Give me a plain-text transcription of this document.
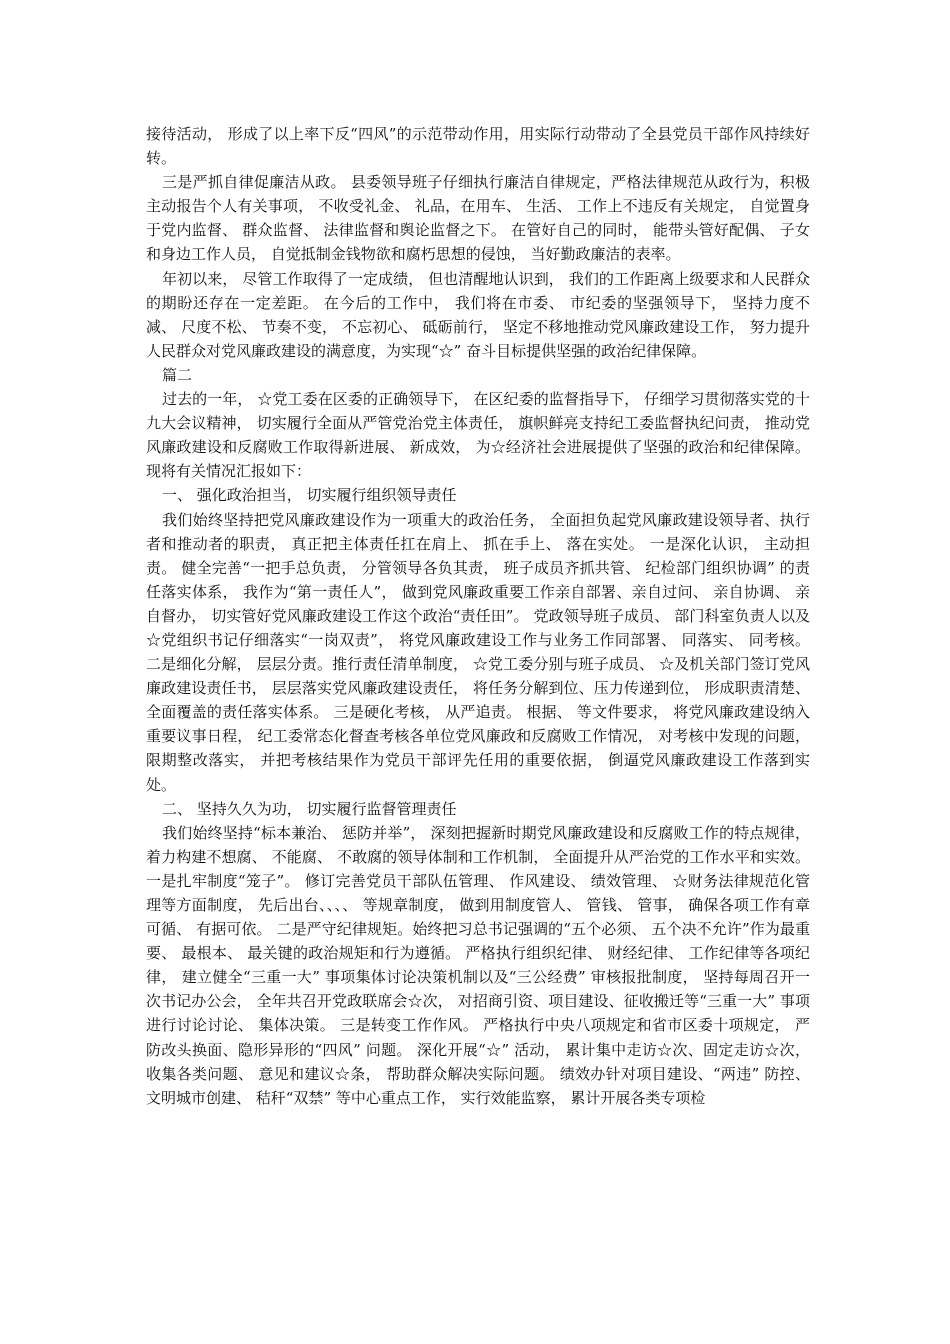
接待活动， 形成了以上率下反“四风”的示范带动作用，用实际行动带动了全县党员干部作风持续好转。

三是严抓自律促廉洁从政。 县委领导班子仔细执行廉洁自律规定，严格法律规范从政行为，积极主动报告个人有关事项， 不收受礼金、 礼品，在用车、 生活、 工作上不违反有关规定， 自觉置身于党内监督、 群众监督、 法律监督和舆论监督之下。 在管好自己的同时， 能带头管好配偶、 子女和身边工作人员， 自觉抵制金钱物欲和腐朽思想的侵蚀， 当好勤政廉洁的表率。

年初以来， 尽管工作取得了一定成绩， 但也清醒地认识到， 我们的工作距离上级要求和人民群众的期盼还存在一定差距。 在今后的工作中， 我们将在市委、 市纪委的坚强领导下， 坚持力度不减、 尺度不松、 节奏不变， 不忘初心、 砥砺前行， 坚定不移地推动党风廉政建设工作， 努力提升人民群众对党风廉政建设的满意度，为实现“☆” 奋斗目标提供坚强的政治纪律保障。

篇二

过去的一年， ☆党工委在区委的正确领导下， 在区纪委的监督指导下， 仔细学习贯彻落实党的十九大会议精神， 切实履行全面从严管党治党主体责任， 旗帜鲜亮支持纪工委监督执纪问责， 推动党风廉政建设和反腐败工作取得新进展、 新成效， 为☆经济社会进展提供了坚强的政治和纪律保障。 现将有关情况汇报如下：

一、 强化政治担当， 切实履行组织领导责任

我们始终坚持把党风廉政建设作为一项重大的政治任务， 全面担负起党风廉政建设领导者、执行者和推动者的职责， 真正把主体责任扛在肩上、 抓在手上、 落在实处。 一是深化认识， 主动担责。 健全完善“一把手总负责， 分管领导各负其责， 班子成员齐抓共管、 纪检部门组织协调” 的责任落实体系， 我作为“第一责任人”， 做到党风廉政重要工作亲自部署、亲自过问、 亲自协调、 亲自督办， 切实管好党风廉政建设工作这个政治“责任田”。 党政领导班子成员、 部门科室负责人以及☆党组织书记仔细落实“一岗双责”， 将党风廉政建设工作与业务工作同部署、 同落实、 同考核。 二是细化分解， 层层分责。推行责任清单制度， ☆党工委分别与班子成员、 ☆及机关部门签订党风廉政建设责任书， 层层落实党风廉政建设责任， 将任务分解到位、压力传递到位， 形成职责清楚、 全面覆盖的责任落实体系。 三是硬化考核， 从严追责。 根据、 等文件要求， 将党风廉政建设纳入重要议事日程， 纪工委常态化督查考核各单位党风廉政和反腐败工作情况， 对考核中发现的问题， 限期整改落实， 并把考核结果作为党员干部评先任用的重要依据， 倒逼党风廉政建设工作落到实处。

二、 坚持久久为功， 切实履行监督管理责任

我们始终坚持“标本兼治、 惩防并举”， 深刻把握新时期党风廉政建设和反腐败工作的特点规律， 着力构建不想腐、 不能腐、 不敢腐的领导体制和工作机制， 全面提升从严治党的工作水平和实效。 一是扎牢制度“笼子”。 修订完善党员干部队伍管理、 作风建设、 绩效管理、 ☆财务法律规范化管理等方面制度， 先后出台、、、、 等规章制度， 做到用制度管人、 管钱、 管事， 确保各项工作有章可循、 有据可依。 二是严守纪律规矩。始终把习总书记强调的“五个必须、 五个决不允许”作为最重要、 最根本、 最关键的政治规矩和行为遵循。 严格执行组织纪律、 财经纪律、 工作纪律等各项纪律， 建立健全“三重一大” 事项集体讨论决策机制以及“三公经费” 审核报批制度， 坚持每周召开一次书记办公会， 全年共召开党政联席会☆次， 对招商引资、项目建设、征收搬迁等“三重一大” 事项进行讨论讨论、 集体决策。 三是转变工作作风。 严格执行中央八项规定和省市区委十项规定， 严防改头换面、隐形异形的“四风” 问题。 深化开展“☆” 活动， 累计集中走访☆次、固定走访☆次， 收集各类问题、 意见和建议☆条， 帮助群众解决实际问题。 绩效办针对项目建设、“两违” 防控、 文明城市创建、 秸秆“双禁” 等中心重点工作， 实行效能监察， 累计开展各类专项检
